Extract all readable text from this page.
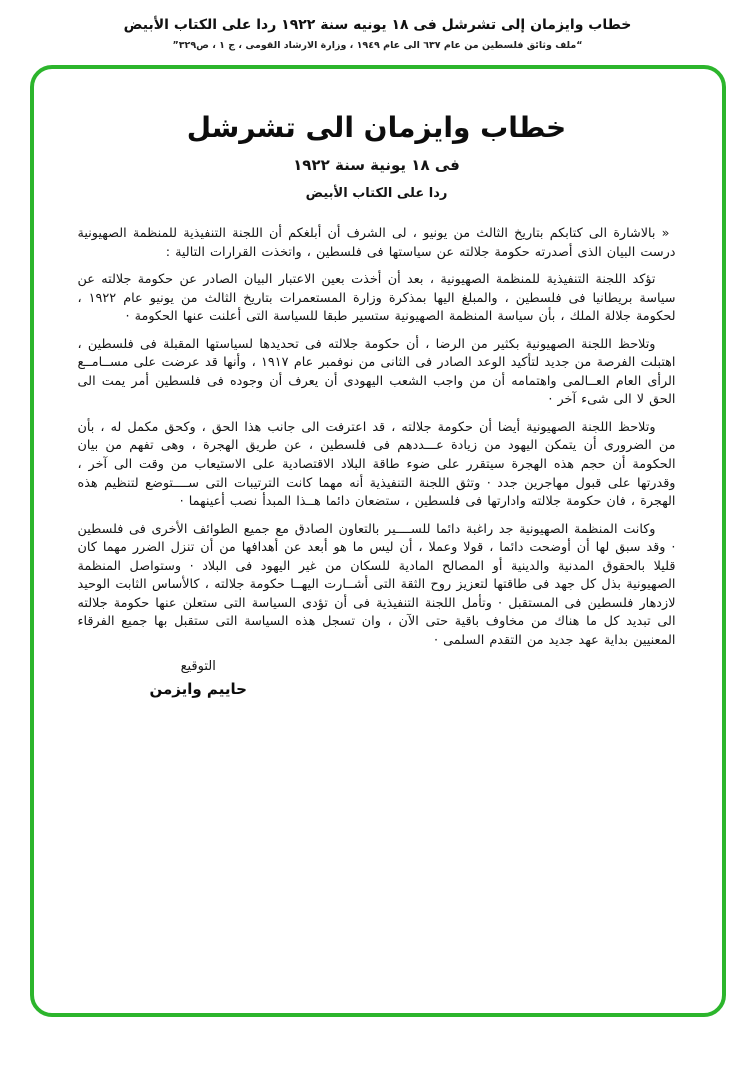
خطاب وايزمان إلى تشرشل فى ١٨ يونيه سنة ١٩٢٢ ردا على الكتاب الأبيض
“ملف وثائق فلسطين من عام ٦٣٧ الى عام ١٩٤٩ ، وزارة الارشاد القومى ، ج ١ ، ص٣٢٩”
خطاب وايزمان الى تشرشل
فى ١٨ يونية سنة ١٩٢٢
ردا على الكتاب الأبيض

« بالاشارة الى كتابكم بتاريخ الثالث من يونيو ، لى الشرف أن أبلغكم أن اللجنة التنفيذية للمنظمة الصهيونية درست البيان الذى أصدرته حكومة جلالته عن سياستها فى فلسطين ، واتخذت القرارات التالية :

تؤكد اللجنة التنفيذية للمنظمة الصهيونية ، بعد أن أخذت بعين الاعتبار البيان الصادر عن حكومة جلالته عن سياسة بريطانيا فى فلسطين ، والمبلغ اليها بمذكرة وزارة المستعمرات بتاريخ الثالث من يونيو عام ١٩٢٢ ، لحكومة جلالة الملك ، بأن سياسة المنظمة الصهيونية ستسير طبقا للسياسة التى أعلنت عنها الحكومة ·

وتلاحظ اللجنة الصهيونية بكثير من الرضا ، أن حكومة جلالته فى تحديدها لسياستها المقبلة فى فلسطين ، اهتبلت الفرصة من جديد لتأكيد الوعد الصادر فى الثانى من نوفمبر عام ١٩١٧ ، وأنها قد عرضت على مســامــع الرأى العام العــالمى واهتمامه أن من واجب الشعب اليهودى أن يعرف أن وجوده فى فلسطين أمر يمت الى الحق لا الى شىء آخر ·

وتلاحظ اللجنة الصهيونية أيضا أن حكومة جلالته ، قد اعترفت الى جانب هذا الحق ، وكحق مكمل له ، بأن من الضرورى أن يتمكن اليهود من زيادة عـــددهم فى فلسطين ، عن طريق الهجرة ، وهى تفهم من بيان الحكومة أن حجم هذه الهجرة سيتقرر على ضوء طاقة البلاد الاقتصادية على الاستيعاب من وقت الى آخر ، وقدرتها على قبول مهاجرين جدد · وتثق اللجنة التنفيذية أنه مهما كانت الترتيبات التى ســــتوضع لتنظيم هذه الهجرة ، فان حكومة جلالته وادارتها فى فلسطين ، ستضعان دائما هــذا المبدأ نصب أعينهما ·

وكانت المنظمة الصهيونية جد راغبة دائما للســــير بالتعاون الصادق مع جميع الطوائف الأخرى فى فلسطين · وقد سبق لها أن أوضحت دائما ، قولا وعملا ، أن ليس ما هو أبعد عن أهدافها من أن تنزل الضرر مهما كان قليلا بالحقوق المدنية والدينية أو المصالح المادية للسكان من غير اليهود فى البلاد · وستواصل المنظمة الصهيونية بذل كل جهد فى طاقتها لتعزيز روح الثقة التى أشــارت اليهــا حكومة جلالته ، كالأساس الثابت الوحيد لازدهار فلسطين فى المستقبل · وتأمل اللجنة التنفيذية فى أن تؤدى السياسة التى ستعلن عنها حكومة جلالته الى تبديد كل ما هناك من مخاوف باقية حتى الآن ، وان تسجل هذه السياسة التى ستقبل بها جميع الفرقاء المعنيين بداية عهد جديد من التقدم السلمى ·

التوقيع
حاييم وايزمن
